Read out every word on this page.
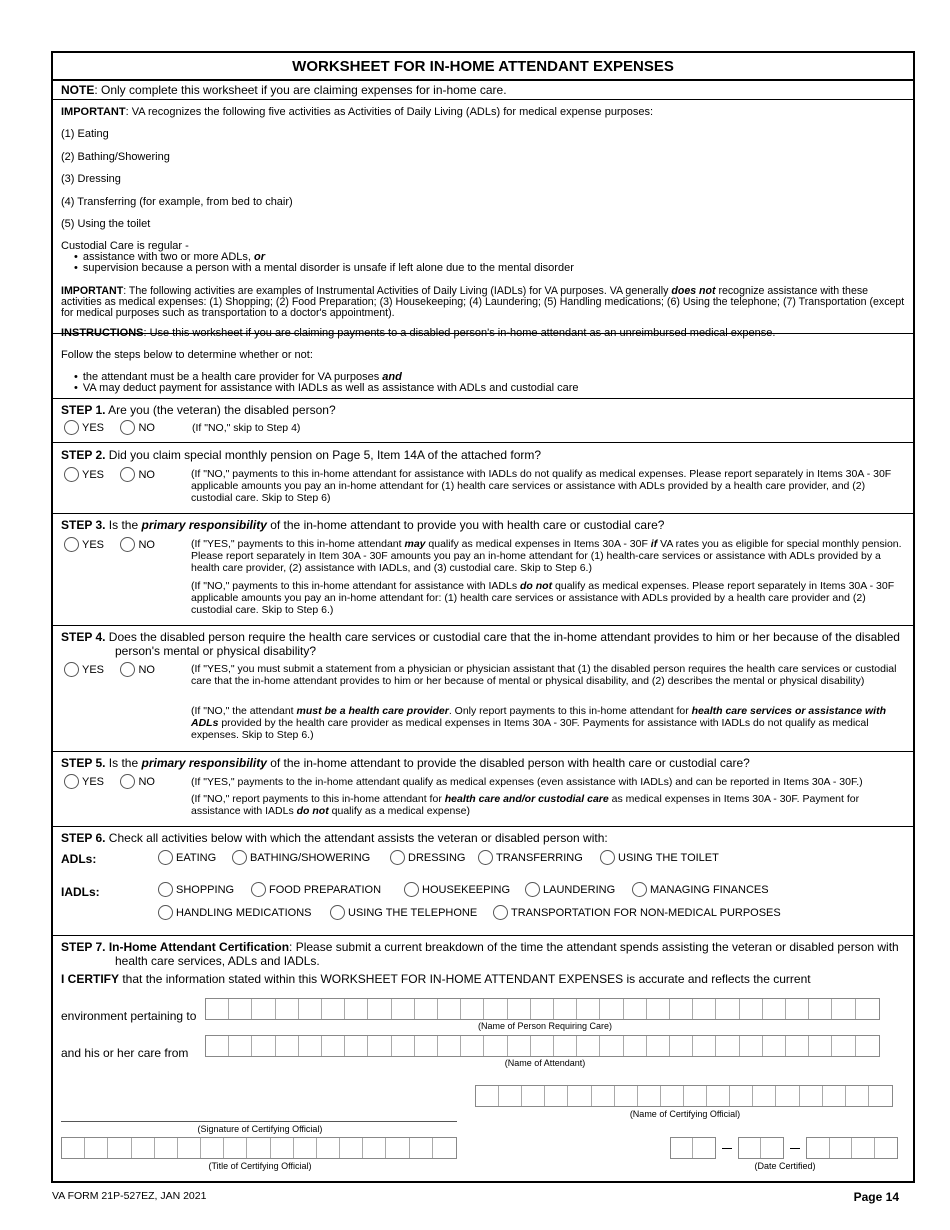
WORKSHEET FOR IN-HOME ATTENDANT EXPENSES
NOTE: Only complete this worksheet if you are claiming expenses for in-home care.
IMPORTANT: VA recognizes the following five activities as Activities of Daily Living (ADLs) for medical expense purposes:
(1) Eating
(2) Bathing/Showering
(3) Dressing
(4) Transferring (for example, from bed to chair)
(5) Using the toilet
Custodial Care is regular -
• assistance with two or more ADLs, or
• supervision because a person with a mental disorder is unsafe if left alone due to the mental disorder
IMPORTANT: The following activities are examples of Instrumental Activities of Daily Living (IADLs) for VA purposes. VA generally does not recognize assistance with these activities as medical expenses: (1) Shopping; (2) Food Preparation; (3) Housekeeping; (4) Laundering; (5) Handling medications; (6) Using the telephone; (7) Transportation (except for medical purposes such as transportation to a doctor's appointment).
INSTRUCTIONS: Use this worksheet if you are claiming payments to a disabled person's in-home attendant as an unreimbursed medical expense.
Follow the steps below to determine whether or not:
• the attendant must be a health care provider for VA purposes and
• VA may deduct payment for assistance with IADLs as well as assistance with ADLs and custodial care
STEP 1. Are you (the veteran) the disabled person?
YES
	NO	(If "NO," skip to Step 4)
STEP 2. Did you claim special monthly pension on Page 5, Item 14A of the attached form?
YES
	NO	(If "NO," payments to this in-home attendant for assistance with IADLs do not qualify as medical expenses. Please report separately in Items 30A - 30F applicable amounts you pay an in-home attendant for (1) health care services or assistance with ADLs provided by a health care provider, and (2) custodial care. Skip to Step 6)
STEP 3. Is the primary responsibility of the in-home attendant to provide you with health care or custodial care?
YES
	NO	(If "YES," payments to this in-home attendant may qualify as medical expenses in Items 30A - 30F if VA rates you as eligible for special monthly pension. Please report separately in Item 30A - 30F amounts you pay an in-home attendant for (1) health-care services or assistance with ADLs provided by a health care provider, (2) assistance with IADLs, and (3) custodial care. Skip to Step 6.)
(If "NO," payments to this in-home attendant for assistance with IADLs do not qualify as medical expenses. Please report separately in Items 30A - 30F applicable amounts you pay an in-home attendant for: (1) health care services or assistance with ADLs provided by a health care provider and (2) custodial care. Skip to Step 6.)
STEP 4. Does the disabled person require the health care services or custodial care that the in-home attendant provides to him or her because of the disabled person's mental or physical disability?
YES
	NO	(If "YES," you must submit a statement from a physician or physician assistant that (1) the disabled person requires the health care services or custodial care that the in-home attendant provides to him or her because of mental or physical disability, and (2) describes the mental or physical disability)
(If "NO," the attendant must be a health care provider. Only report payments to this in-home attendant for health care services or assistance with ADLs provided by the health care provider as medical expenses in Items 30A - 30F. Payments for assistance with IADLs do not qualify as medical expenses. Skip to Step 6.)
STEP 5. Is the primary responsibility of the in-home attendant to provide the disabled person with health care or custodial care?
YES
	NO	(If "YES," payments to the in-home attendant qualify as medical expenses (even assistance with IADLs) and can be reported in Items 30A - 30F.)
(If "NO," report payments to this in-home attendant for health care and/or custodial care as medical expenses in Items 30A - 30F. Payment for assistance with IADLs do not qualify as a medical expense)
STEP 6. Check all activities below with which the attendant assists the veteran or disabled person with:
ADLs:
IADLs:
EATING	BATHING/SHOWERING	DRESSING	TRANSFERRING	USING THE TOILET
SHOPPING	FOOD PREPARATION	HOUSEKEEPING	LAUNDERING	MANAGING FINANCES
HANDLING MEDICATIONS	USING THE TELEPHONE	TRANSPORTATION FOR NON-MEDICAL PURPOSES
STEP 7. In-Home Attendant Certification: Please submit a current breakdown of the time the attendant spends assisting the veteran or disabled person with health care services, ADLs and IADLs.
I CERTIFY that the information stated within this WORKSHEET FOR IN-HOME ATTENDANT EXPENSES is accurate and reflects the current
environment pertaining to
(Name of Person Requiring Care)
and his or her care from
(Name of Attendant)
(Name of Certifying Official)
(Signature of Certifying Official)
(Title of Certifying Official)	(Date Certified)
VA FORM 21P-527EZ, JAN 2021	Page 14
